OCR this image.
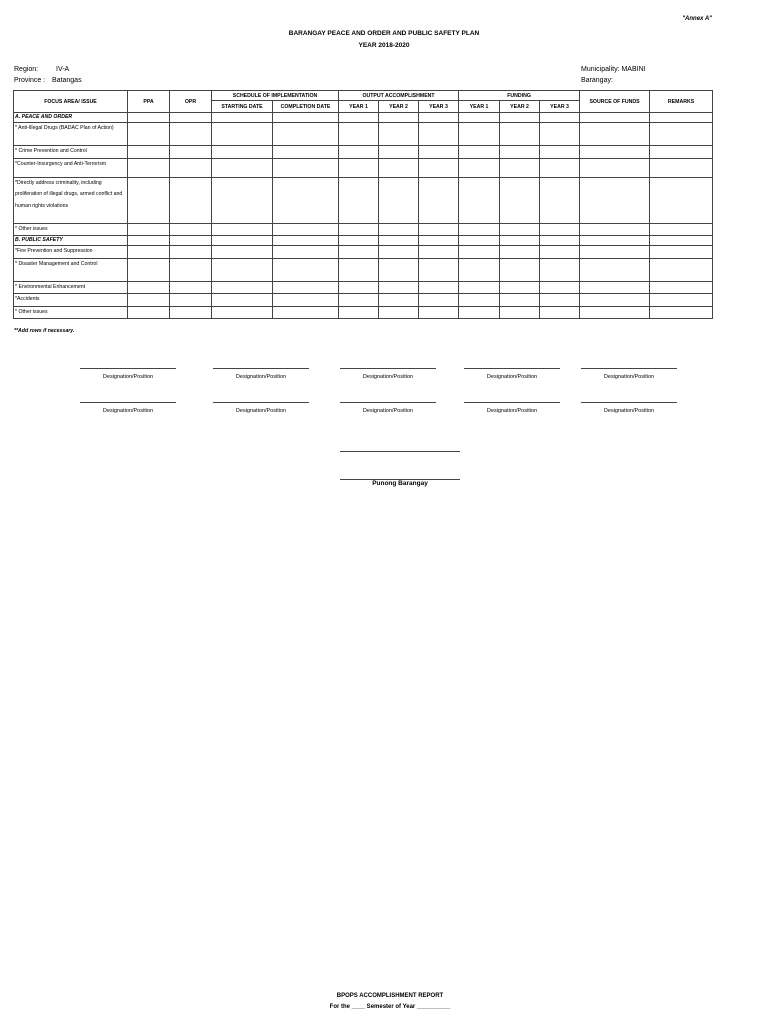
"Annex A"
BARANGAY PEACE AND ORDER AND PUBLIC SAFETY PLAN
YEAR 2018-2020
Region:	IV-A
Province : Batangas
Municipality: MABINI
Barangay:
FOCUS AREA/ ISSUE	PPA	OPR	SCHEDULE OF IMPLEMENTATION		OUTPUT ACCOMPLISHMENT			FUNDING			SOURCE OF FUNDS	REMARKS
			STARTING DATE	COMPLETION DATE	YEAR 1	YEAR 2	YEAR 3	YEAR 1	YEAR 2	YEAR 3		
A. PEACE AND ORDER												
* Anti-Illegal Drugs (BADAC Plan of Action)												
* Crime Prevention and Control												
*Counter-Insurgency and Anti-Terrorism												
*Directly address criminality, including proliferation of illegal drugs, armed conflict and human rights violations												
* Other issues												
B. PUBLIC SAFETY												
*Fire Prevention and Suppression												
* Disaster Management and Control												
* Environmental Enhancement												
*Accidents												
* Other issues												
**Add rows if necessary.
Designation/Position	Designation/Position	Designation/Position	Designation/Position	Designation/Position
Designation/Position	Designation/Position	Designation/Position	Designation/Position	Designation/Position
Punong Barangay
BPOPS ACCOMPLISHMENT REPORT
For the ____ Semester of Year __________
